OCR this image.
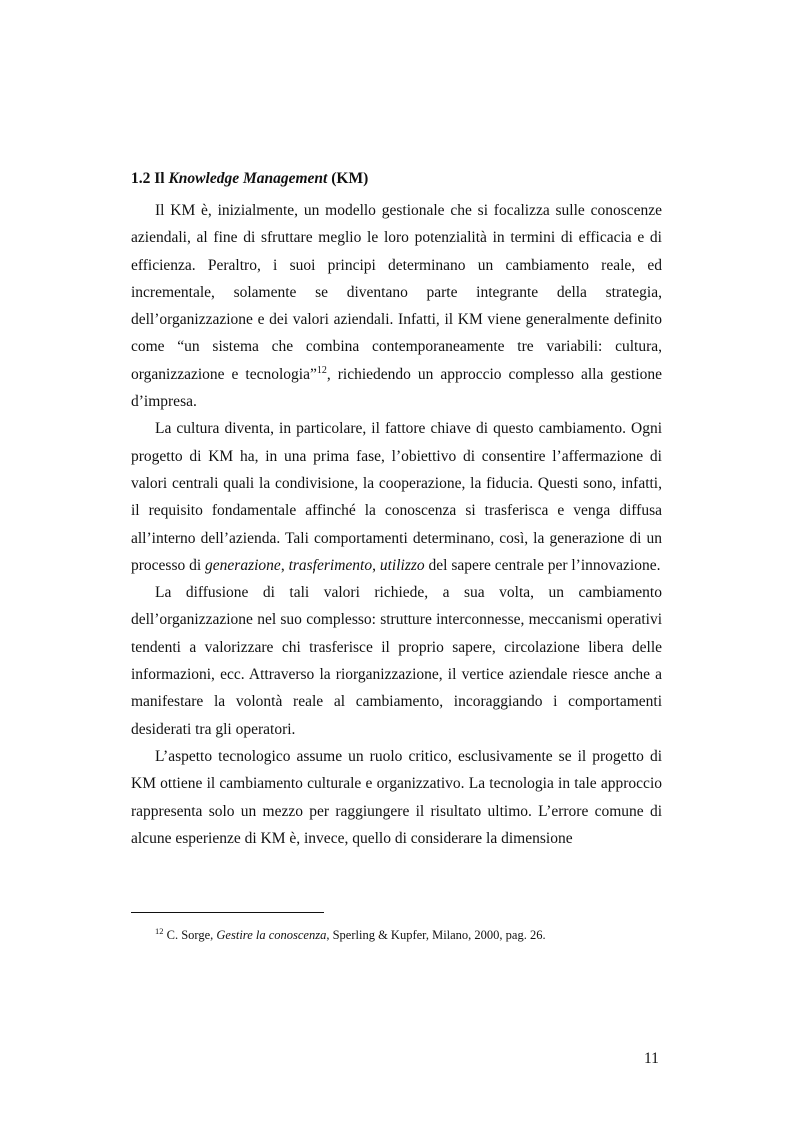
1.2 Il Knowledge Management (KM)

Il KM è, inizialmente, un modello gestionale che si focalizza sulle conoscenze aziendali, al fine di sfruttare meglio le loro potenzialità in termini di efficacia e di efficienza. Peraltro, i suoi principi determinano un cambiamento reale, ed incrementale, solamente se diventano parte integrante della strategia, dell’organizzazione e dei valori aziendali. Infatti, il KM viene generalmente definito come “un sistema che combina contemporaneamente tre variabili: cultura, organizzazione e tecnologia”$^{12}$, richiedendo un approccio complesso alla gestione d’impresa.

La cultura diventa, in particolare, il fattore chiave di questo cambiamento. Ogni progetto di KM ha, in una prima fase, l’obiettivo di consentire l’affermazione di valori centrali quali la condivisione, la cooperazione, la fiducia. Questi sono, infatti, il requisito fondamentale affinché la conoscenza si trasferisca e venga diffusa all’interno dell’azienda. Tali comportamenti determinano, così, la generazione di un processo di generazione, trasferimento, utilizzo del sapere centrale per l’innovazione.

La diffusione di tali valori richiede, a sua volta, un cambiamento dell’organizzazione nel suo complesso: strutture interconnesse, meccanismi operativi tendenti a valorizzare chi trasferisce il proprio sapere, circolazione libera delle informazioni, ecc. Attraverso la riorganizzazione, il vertice aziendale riesce anche a manifestare la volontà reale al cambiamento, incoraggiando i comportamenti desiderati tra gli operatori.

L’aspetto tecnologico assume un ruolo critico, esclusivamente se il progetto di KM ottiene il cambiamento culturale e organizzativo. La tecnologia in tale approccio rappresenta solo un mezzo per raggiungere il risultato ultimo. L’errore comune di alcune esperienze di KM è, invece, quello di considerare la dimensione

$^{12}$ C. Sorge, Gestire la conoscenza, Sperling & Kupfer, Milano, 2000, pag. 26.
11
